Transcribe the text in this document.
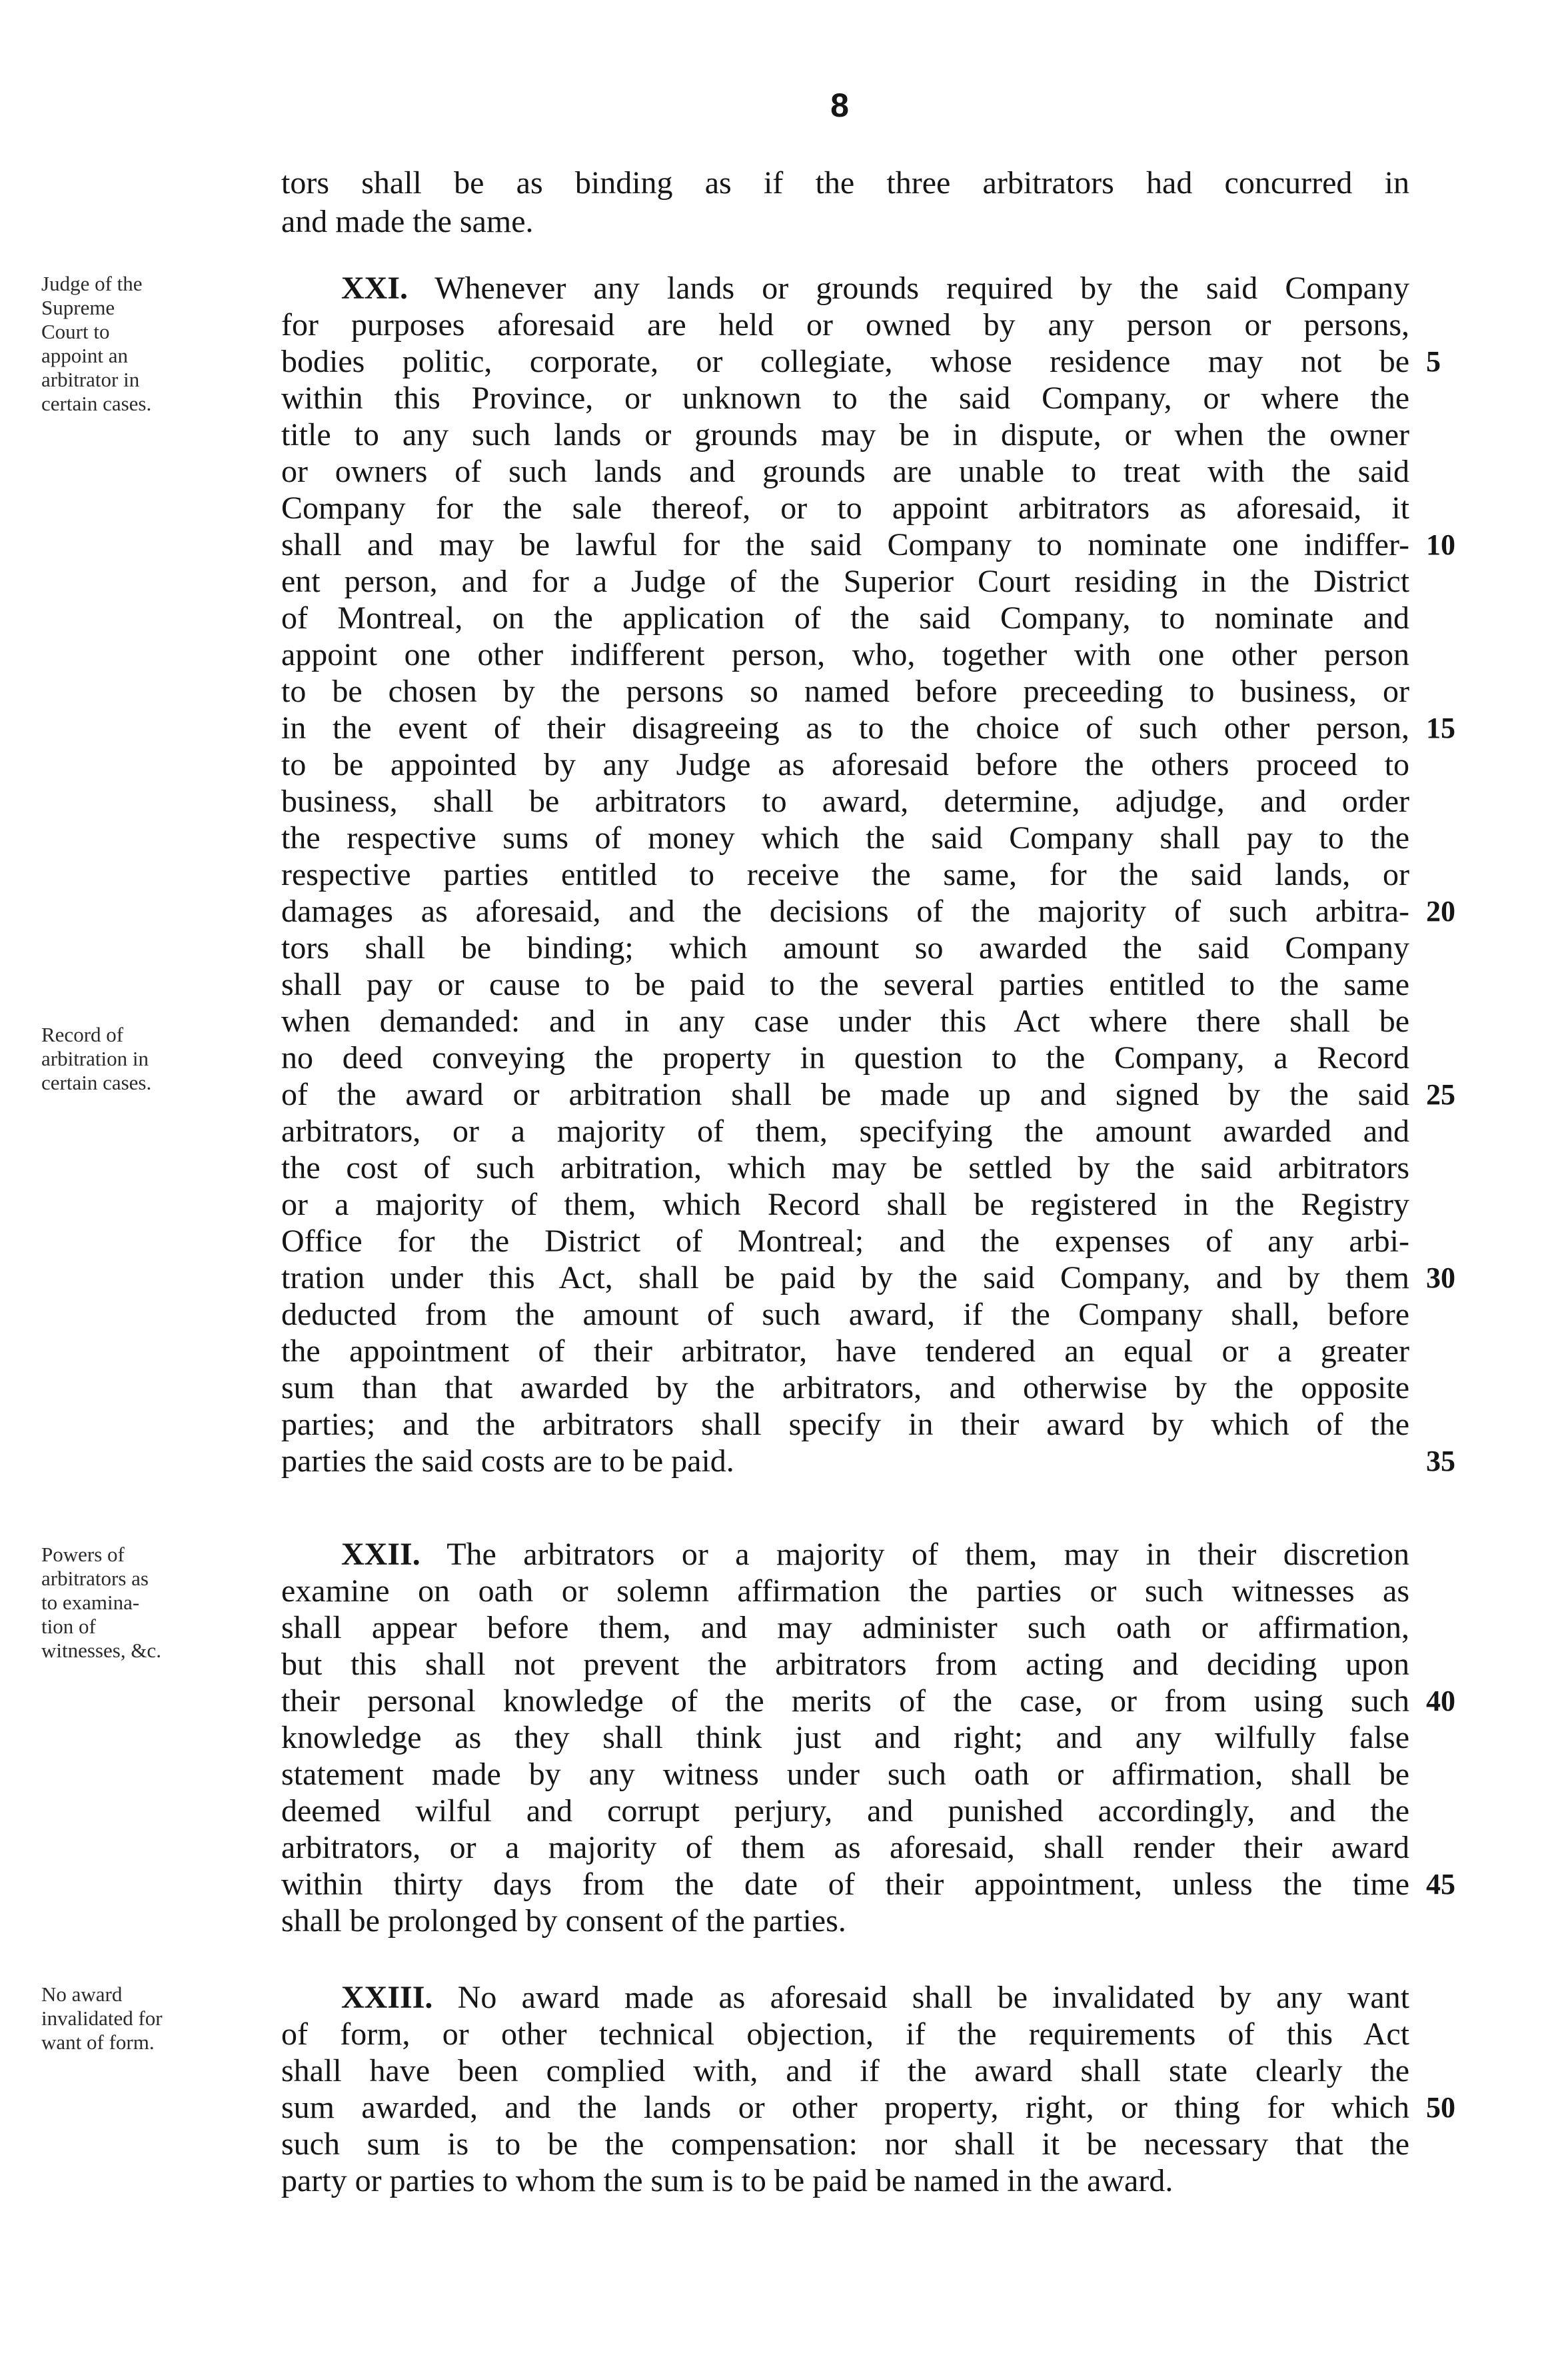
8
Judge of the
Supreme
Court to
appoint an
arbitrator in
certain cases.
Record of
arbitration in
certain cases.
Powers of
arbitrators as
to examina-
tion of
witnesses, &c.
No award
invalidated for
want of form.
tors shall be as binding as if the three arbitrators had concurred in
and made the same.
XXI. Whenever any lands or grounds required by the said Company
for purposes aforesaid are held or owned by any person or persons,
bodies politic, corporate, or collegiate, whose residence may not be
within this Province, or unknown to the said Company, or where the
title to any such lands or grounds may be in dispute, or when the owner
or owners of such lands and grounds are unable to treat with the said
Company for the sale thereof, or to appoint arbitrators as aforesaid, it
shall and may be lawful for the said Company to nominate one indiffer-
ent person, and for a Judge of the Superior Court residing in the District
of Montreal, on the application of the said Company, to nominate and
appoint one other indifferent person, who, together with one other person
to be chosen by the persons so named before preceeding to business, or
in the event of their disagreeing as to the choice of such other person,
to be appointed by any Judge as aforesaid before the others proceed to
business, shall be arbitrators to award, determine, adjudge, and order
the respective sums of money which the said Company shall pay to the
respective parties entitled to receive the same, for the said lands, or
damages as aforesaid, and the decisions of the majority of such arbitra-
tors shall be binding; which amount so awarded the said Company
shall pay or cause to be paid to the several parties entitled to the same
when demanded: and in any case under this Act where there shall be
no deed conveying the property in question to the Company, a Record
of the award or arbitration shall be made up and signed by the said
arbitrators, or a majority of them, specifying the amount awarded and
the cost of such arbitration, which may be settled by the said arbitrators
or a majority of them, which Record shall be registered in the Registry
Office for the District of Montreal; and the expenses of any arbi-
tration under this Act, shall be paid by the said Company, and by them
deducted from the amount of such award, if the Company shall, before
the appointment of their arbitrator, have tendered an equal or a greater
sum than that awarded by the arbitrators, and otherwise by the opposite
parties; and the arbitrators shall specify in their award by which of the
parties the said costs are to be paid.
XXII. The arbitrators or a majority of them, may in their discretion
examine on oath or solemn affirmation the parties or such witnesses as
shall appear before them, and may administer such oath or affirmation,
but this shall not prevent the arbitrators from acting and deciding upon
their personal knowledge of the merits of the case, or from using such
knowledge as they shall think just and right; and any wilfully false
statement made by any witness under such oath or affirmation, shall be
deemed wilful and corrupt perjury, and punished accordingly, and the
arbitrators, or a majority of them as aforesaid, shall render their award
within thirty days from the date of their appointment, unless the time
shall be prolonged by consent of the parties.
XXIII. No award made as aforesaid shall be invalidated by any want
of form, or other technical objection, if the requirements of this Act
shall have been complied with, and if the award shall state clearly the
sum awarded, and the lands or other property, right, or thing for which
such sum is to be the compensation: nor shall it be necessary that the
party or parties to whom the sum is to be paid be named in the award.
5
10
15
20
25
30
35
40
45
50
